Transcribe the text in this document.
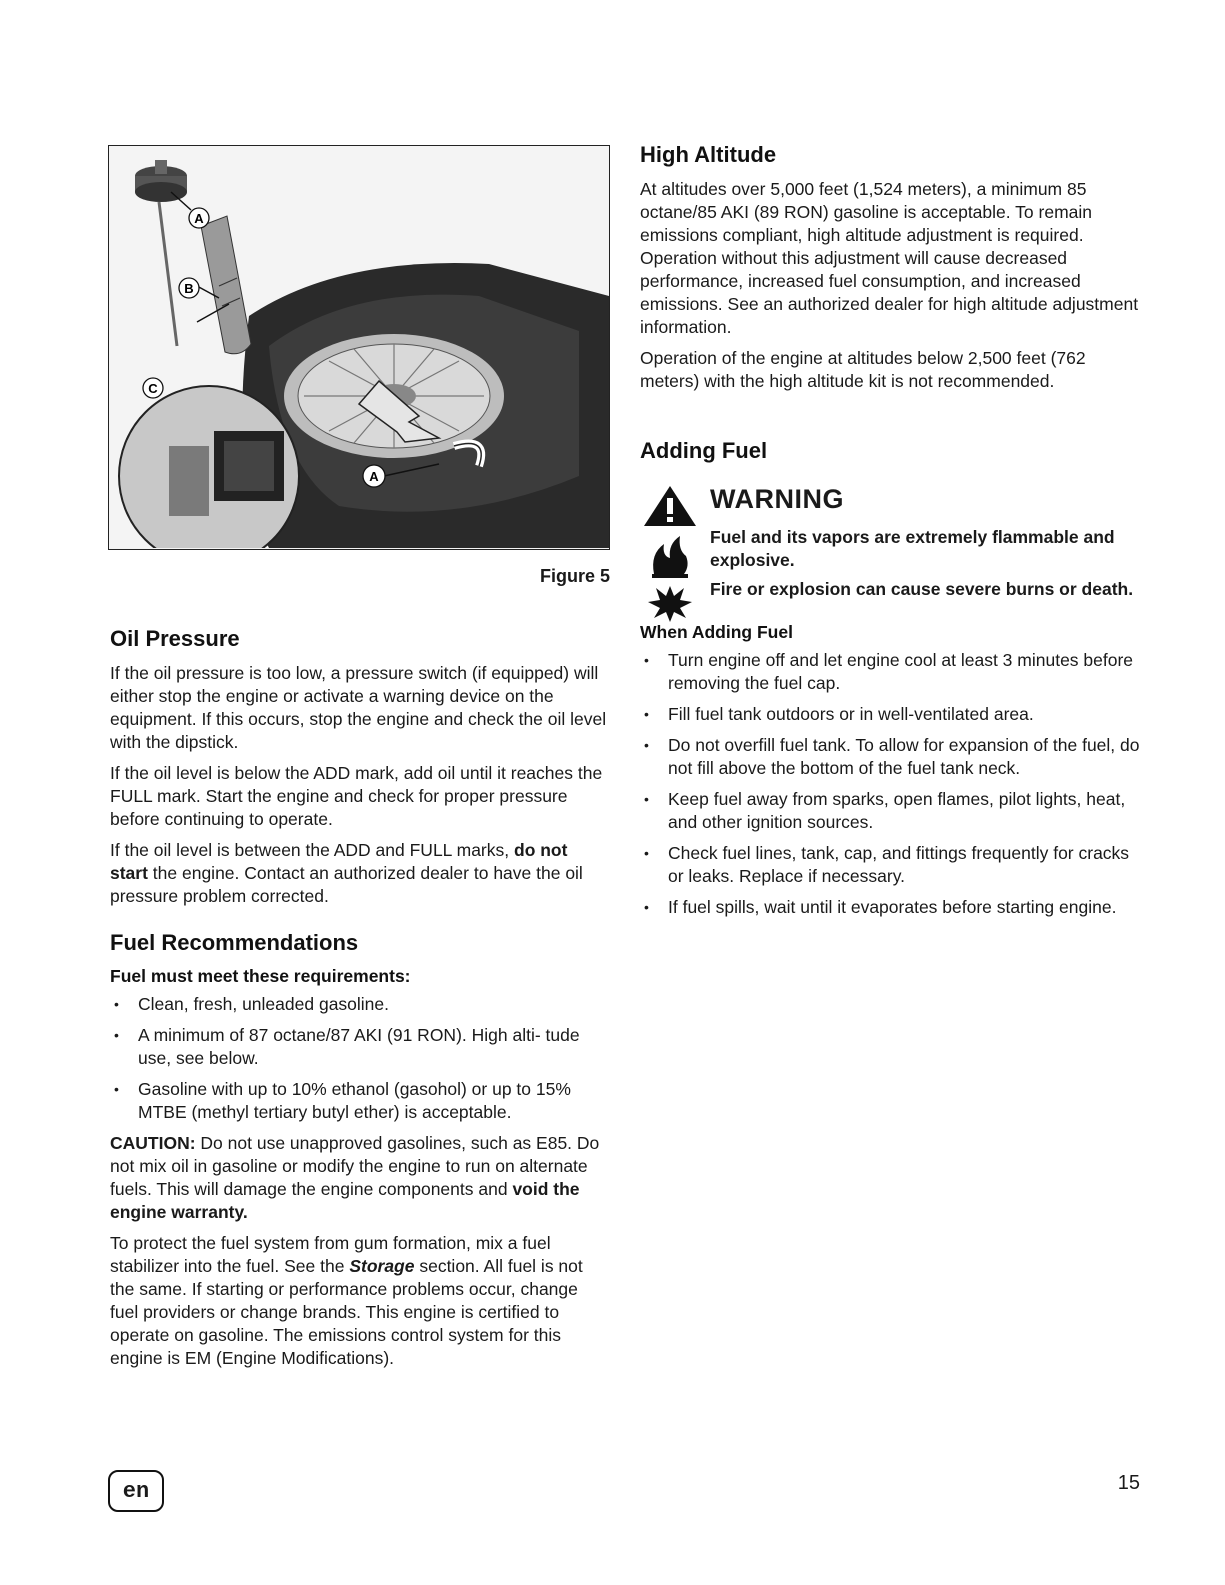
A
B
C
A
Figure 5
Oil Pressure

If the oil pressure is too low, a pressure switch (if equipped) will either stop the engine or activate a warning device on the equipment. If this occurs, stop the engine and check the oil level with the dipstick.

If the oil level is below the ADD mark, add oil until it reaches the FULL mark. Start the engine and check for proper pressure before continuing to operate.

If the oil level is between the ADD and FULL marks, do not start the engine. Contact an authorized dealer to have the oil pressure problem corrected.

Fuel Recommendations
Fuel must meet these requirements:
• Clean, fresh, unleaded gasoline.
• A minimum of 87 octane/87 AKI (91 RON). High alti- tude use, see below.
• Gasoline with up to 10% ethanol (gasohol) or up to 15% MTBE (methyl tertiary butyl ether) is acceptable.

CAUTION: Do not use unapproved gasolines, such as E85. Do not mix oil in gasoline or modify the engine to run on alternate fuels. This will damage the engine components and void the engine warranty.

To protect the fuel system from gum formation, mix a fuel stabilizer into the fuel. See the Storage section. All fuel is not the same. If starting or performance problems occur, change fuel providers or change brands. This engine is certified to operate on gasoline. The emissions control system for this engine is EM (Engine Modifications).

High Altitude

At altitudes over 5,000 feet (1,524 meters), a minimum 85 octane/85 AKI (89 RON) gasoline is acceptable. To remain emissions compliant, high altitude adjustment is required. Operation without this adjustment will cause decreased performance, increased fuel consumption, and increased emissions. See an authorized dealer for high altitude adjustment information.

Operation of the engine at altitudes below 2,500 feet (762 meters) with the high altitude kit is not recommended.

Adding Fuel
WARNING
Fuel and its vapors are extremely flammable and explosive.
Fire or explosion can cause severe burns or death.
When Adding Fuel
• Turn engine off and let engine cool at least 3 minutes before removing the fuel cap.
• Fill fuel tank outdoors or in well-ventilated area.
• Do not overfill fuel tank. To allow for expansion of the fuel, do not fill above the bottom of the fuel tank neck.
• Keep fuel away from sparks, open flames, pilot lights, heat, and other ignition sources.
• Check fuel lines, tank, cap, and fittings frequently for cracks or leaks. Replace if necessary.
• If fuel spills, wait until it evaporates before starting engine.
en	15
